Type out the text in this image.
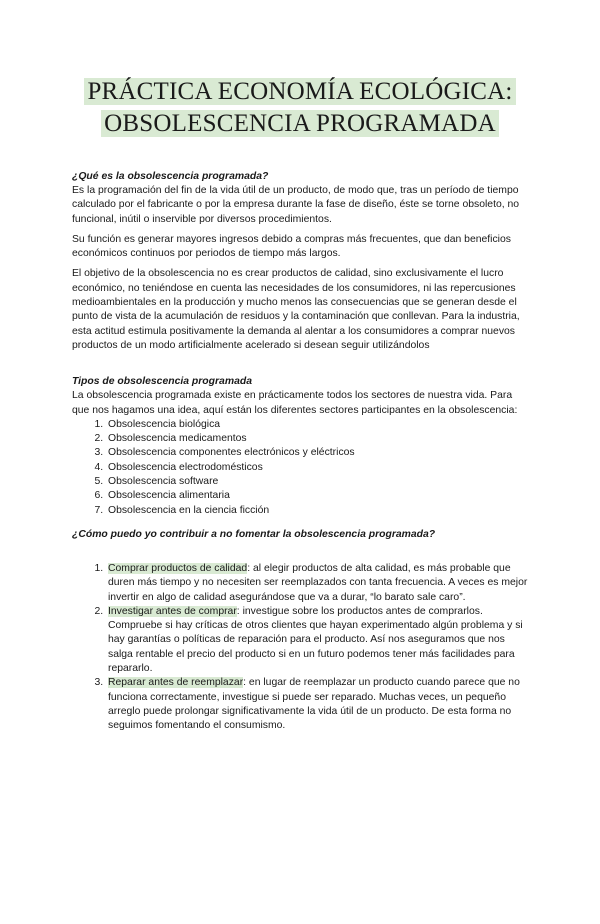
PRÁCTICA ECONOMÍA ECOLÓGICA:
OBSOLESCENCIA PROGRAMADA
¿Qué es la obsolescencia programada?

Es la programación del fin de la vida útil de un producto, de modo que, tras un período de tiempo calculado por el fabricante o por la empresa durante la fase de diseño, éste se torne obsoleto, no funcional, inútil o inservible por diversos procedimientos.

Su función es generar mayores ingresos debido a compras más frecuentes, que dan beneficios económicos continuos por periodos de tiempo más largos.

El objetivo de la obsolescencia no es crear productos de calidad, sino exclusivamente el lucro económico, no teniéndose en cuenta las necesidades de los consumidores, ni las repercusiones medioambientales en la producción y mucho menos las consecuencias que se generan desde el punto de vista de la acumulación de residuos y la contaminación que conllevan. Para la industria, esta actitud estimula positivamente la demanda al alentar a los consumidores a comprar nuevos productos de un modo artificialmente acelerado si desean seguir utilizándolos

Tipos de obsolescencia programada

La obsolescencia programada existe en prácticamente todos los sectores de nuestra vida. Para que nos hagamos una idea, aquí están los diferentes sectores participantes en la obsolescencia:

1. Obsolescencia biológica
2. Obsolescencia medicamentos
3. Obsolescencia componentes electrónicos y eléctricos
4. Obsolescencia electrodomésticos
5. Obsolescencia software
6. Obsolescencia alimentaria
7. Obsolescencia en la ciencia ficción
¿Cómo puedo yo contribuir a no fomentar la obsolescencia programada?
1. Comprar productos de calidad: al elegir productos de alta calidad, es más probable que duren más tiempo y no necesiten ser reemplazados con tanta frecuencia. A veces es mejor invertir en algo de calidad asegurándose que va a durar, “lo barato sale caro”.
2. Investigar antes de comprar: investigue sobre los productos antes de comprarlos. Compruebe si hay críticas de otros clientes que hayan experimentado algún problema y si hay garantías o políticas de reparación para el producto. Así nos aseguramos que nos salga rentable el precio del producto si en un futuro podemos tener más facilidades para repararlo.
3. Reparar antes de reemplazar: en lugar de reemplazar un producto cuando parece que no funciona correctamente, investigue si puede ser reparado. Muchas veces, un pequeño arreglo puede prolongar significativamente la vida útil de un producto. De esta forma no seguimos fomentando el consumismo.
